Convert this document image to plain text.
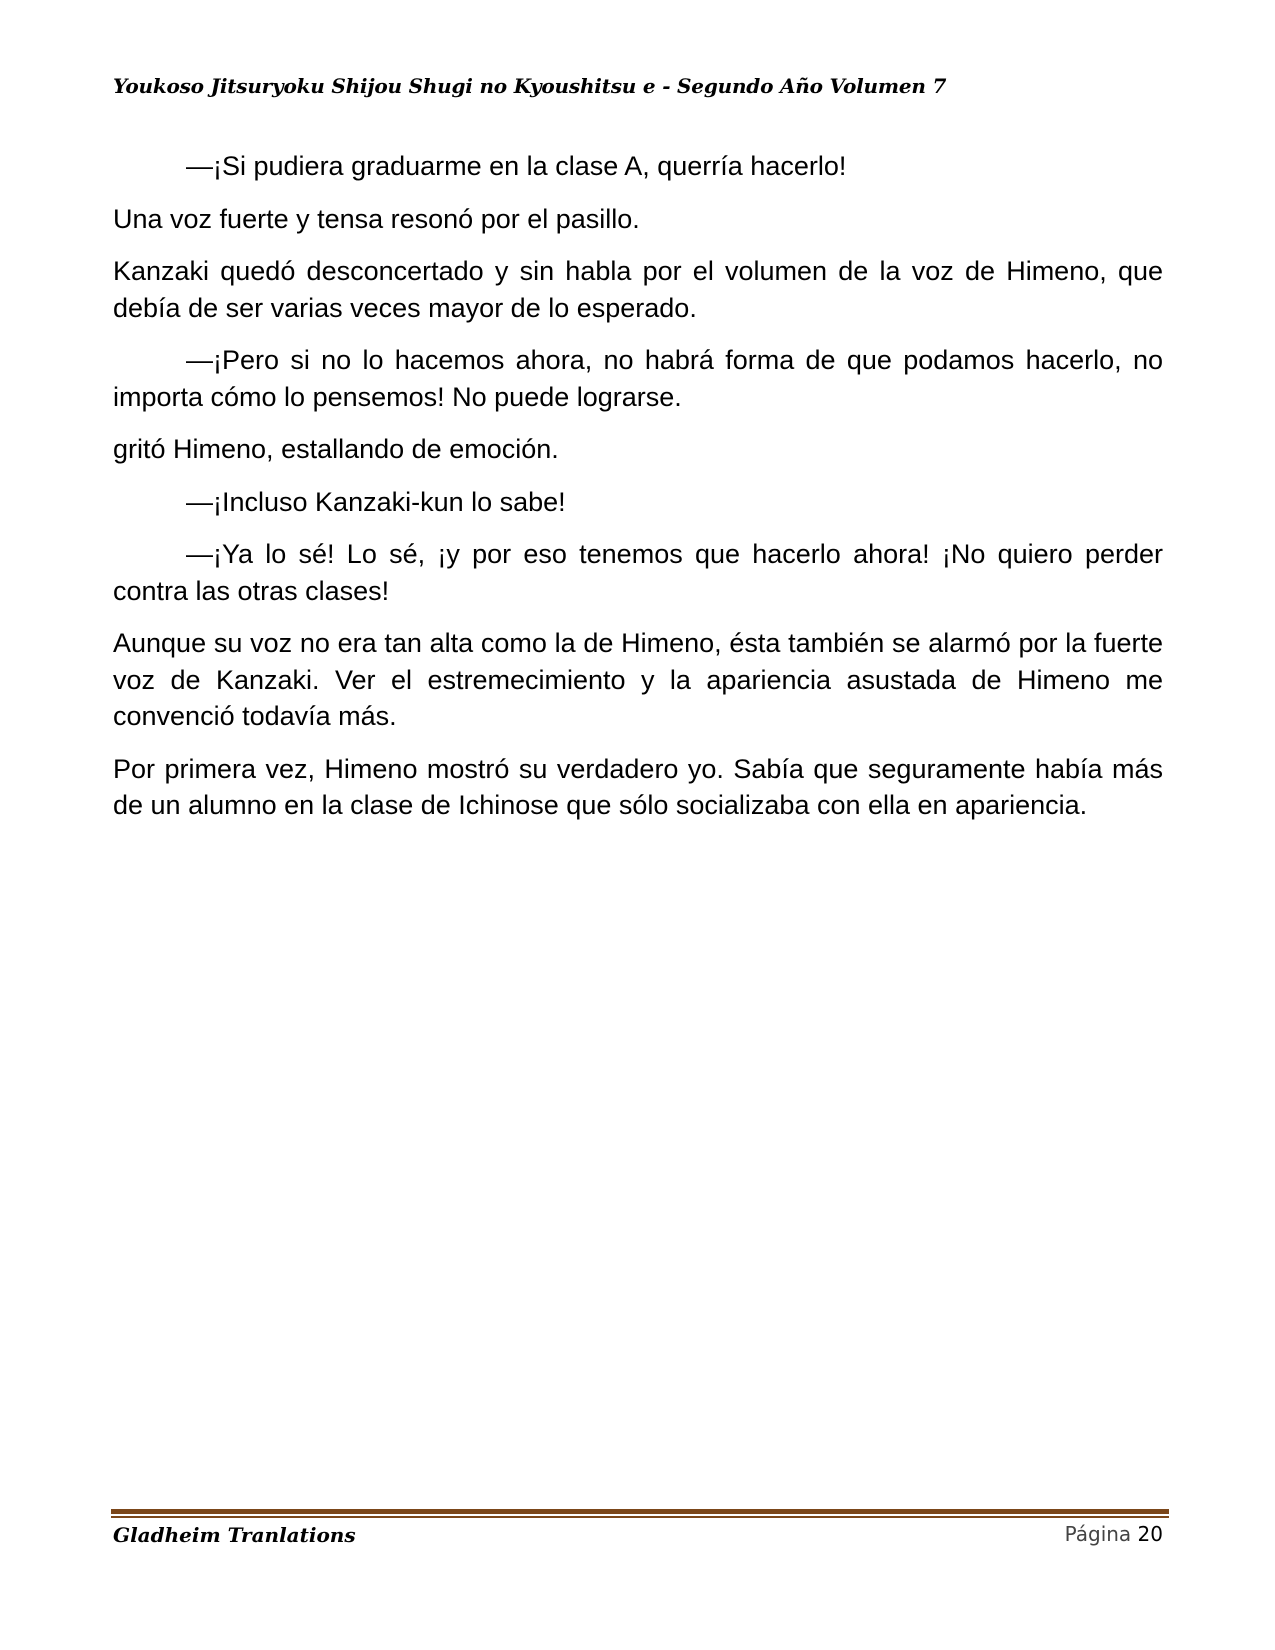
Youkoso Jitsuryoku Shijou Shugi no Kyoushitsu e - Segundo Año Volumen 7

—¡Si pudiera graduarme en la clase A, querría hacerlo!

Una voz fuerte y tensa resonó por el pasillo.

Kanzaki quedó desconcertado y sin habla por el volumen de la voz de Himeno, que debía de ser varias veces mayor de lo esperado.

—¡Pero si no lo hacemos ahora, no habrá forma de que podamos hacerlo, no importa cómo lo pensemos! No puede lograrse.

gritó Himeno, estallando de emoción.

—¡Incluso Kanzaki-kun lo sabe!

—¡Ya lo sé! Lo sé, ¡y por eso tenemos que hacerlo ahora! ¡No quiero perder contra las otras clases!

Aunque su voz no era tan alta como la de Himeno, ésta también se alarmó por la fuerte voz de Kanzaki. Ver el estremecimiento y la apariencia asustada de Himeno me convenció todavía más.

Por primera vez, Himeno mostró su verdadero yo. Sabía que seguramente había más de un alumno en la clase de Ichinose que sólo socializaba con ella en apariencia.

Gladheim Tranlations	Página 20
